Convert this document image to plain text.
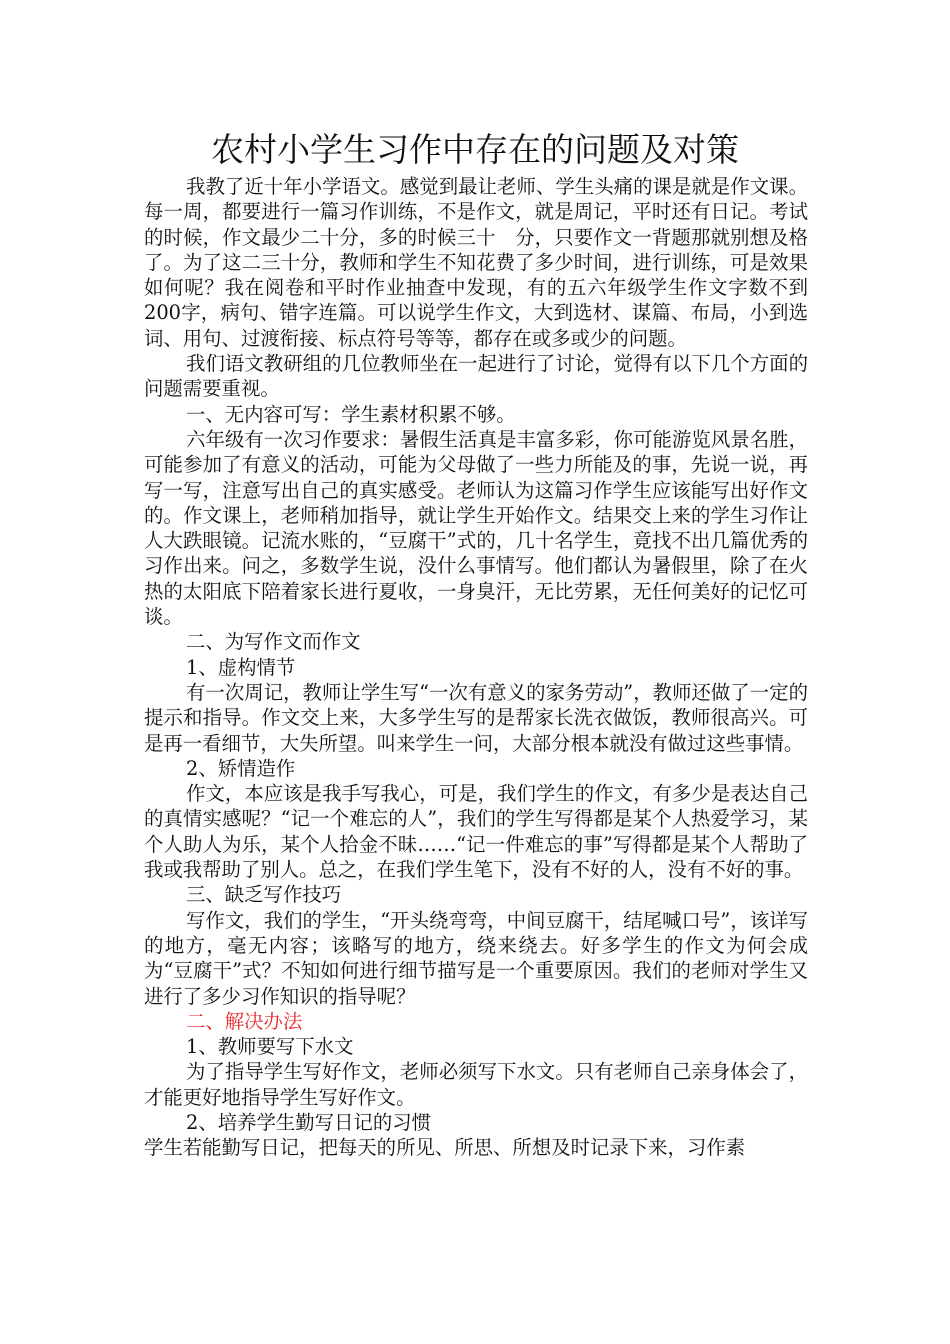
农村小学生习作中存在的问题及对策

我教了近十年小学语文。感觉到最让老师、学生头痛的课是就是作文课。每一周，都要进行一篇习作训练，不是作文，就是周记，平时还有日记。考试的时候，作文最少二十分，多的时候三十　分，只要作文一背题那就别想及格了。为了这二三十分，教师和学生不知花费了多少时间，进行训练，可是效果如何呢？我在阅卷和平时作业抽查中发现，有的五六年级学生作文字数不到200字，病句、错字连篇。可以说学生作文，大到选材、谋篇、布局，小到选词、用句、过渡衔接、标点符号等等，都存在或多或少的问题。

我们语文教研组的几位教师坐在一起进行了讨论，觉得有以下几个方面的问题需要重视。

一、无内容可写：学生素材积累不够。

六年级有一次习作要求：暑假生活真是丰富多彩，你可能游览风景名胜，可能参加了有意义的活动，可能为父母做了一些力所能及的事，先说一说，再写一写，注意写出自己的真实感受。老师认为这篇习作学生应该能写出好作文的。作文课上，老师稍加指导，就让学生开始作文。结果交上来的学生习作让人大跌眼镜。记流水账的，“豆腐干”式的，几十名学生，竟找不出几篇优秀的习作出来。问之，多数学生说，没什么事情写。他们都认为暑假里，除了在火热的太阳底下陪着家长进行夏收，一身臭汗，无比劳累，无任何美好的记忆可谈。

二、为写作文而作文

1、虚构情节

有一次周记，教师让学生写“一次有意义的家务劳动”，教师还做了一定的提示和指导。作文交上来，大多学生写的是帮家长洗衣做饭，教师很高兴。可是再一看细节，大失所望。叫来学生一问，大部分根本就没有做过这些事情。

2、矫情造作

作文，本应该是我手写我心，可是，我们学生的作文，有多少是表达自己的真情实感呢？“记一个难忘的人”，我们的学生写得都是某个人热爱学习，某个人助人为乐，某个人拾金不昧……“记一件难忘的事”写得都是某个人帮助了我或我帮助了别人。总之，在我们学生笔下，没有不好的人，没有不好的事。

三、缺乏写作技巧

写作文，我们的学生，“开头绕弯弯，中间豆腐干，结尾喊口号”，该详写的地方，毫无内容；该略写的地方，绕来绕去。好多学生的作文为何会成为“豆腐干”式？不知如何进行细节描写是一个重要原因。我们的老师对学生又进行了多少习作知识的指导呢？

二、解决办法

1、教师要写下水文

为了指导学生写好作文，老师必须写下水文。只有老师自己亲身体会了，才能更好地指导学生写好作文。

2、培养学生勤写日记的习惯

学生若能勤写日记，把每天的所见、所思、所想及时记录下来，习作素
